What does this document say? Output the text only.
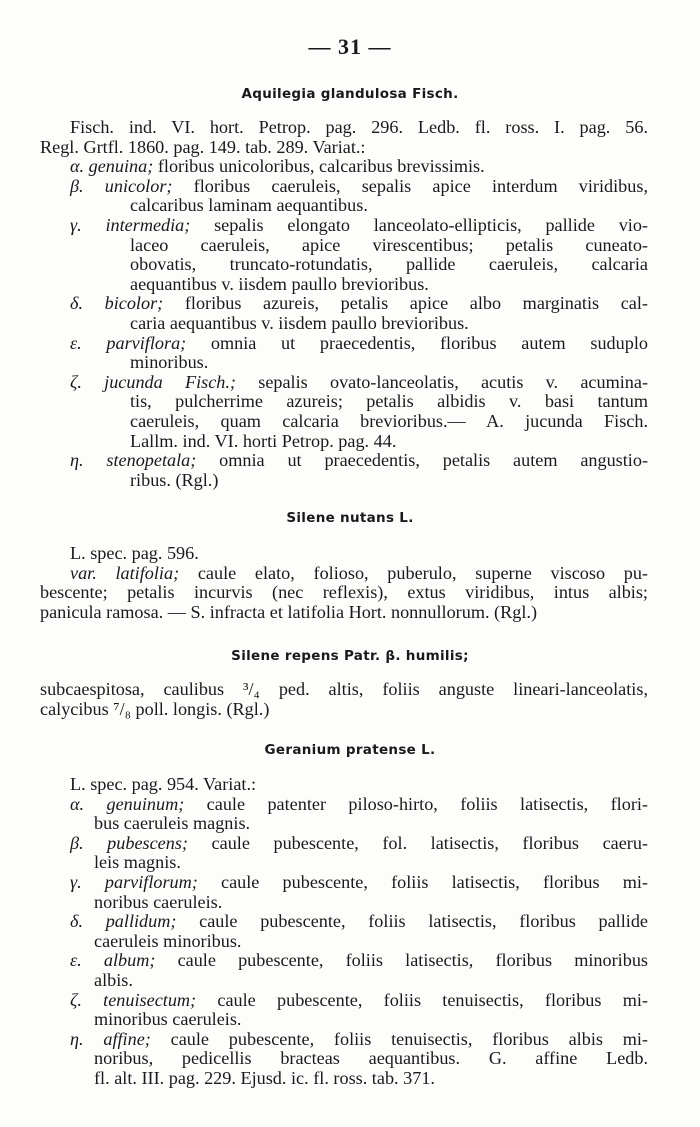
— 31 —
Aquilegia glandulosa Fisch.
Fisch. ind. VI. hort. Petrop. pag. 296. Ledb. fl. ross. I. pag. 56.
Regl. Grtfl. 1860. pag. 149. tab. 289. Variat.:
α. genuina; floribus unicoloribus, calcaribus brevissimis.
β. unicolor; floribus caeruleis, sepalis apice interdum viridibus,
calcaribus laminam aequantibus.
γ. intermedia; sepalis elongato lanceolato-ellipticis, pallide vio-
laceo caeruleis, apice virescentibus; petalis cuneato-
obovatis, truncato-rotundatis, pallide caeruleis, calcaria
aequantibus v. iisdem paullo brevioribus.
δ. bicolor; floribus azureis, petalis apice albo marginatis cal-
caria aequantibus v. iisdem paullo brevioribus.
ε. parviflora; omnia ut praecedentis, floribus autem suduplo
minoribus.
ζ. jucunda Fisch.; sepalis ovato-lanceolatis, acutis v. acumina-
tis, pulcherrime azureis; petalis albidis v. basi tantum
caeruleis, quam calcaria brevioribus.— A. jucunda Fisch.
Lallm. ind. VI. horti Petrop. pag. 44.
η. stenopetala; omnia ut praecedentis, petalis autem angustio-
ribus. (Rgl.)
Silene nutans L.
L. spec. pag. 596.
var. latifolia; caule elato, folioso, puberulo, superne viscoso pu-
bescente; petalis incurvis (nec reflexis), extus viridibus, intus albis;
panicula ramosa. — S. infracta et latifolia Hort. nonnullorum. (Rgl.)
Silene repens Patr. β. humilis;
subcaespitosa, caulibus ³/₄ ped. altis, foliis anguste lineari-lanceolatis,
calycibus ⁷/₈ poll. longis. (Rgl.)
Geranium pratense L.
L. spec. pag. 954. Variat.:
α. genuinum; caule patenter piloso-hirto, foliis latisectis, flori-
bus caeruleis magnis.
β. pubescens; caule pubescente, fol. latisectis, floribus caeru-
leis magnis.
γ. parviflorum; caule pubescente, foliis latisectis, floribus mi-
noribus caeruleis.
δ. pallidum; caule pubescente, foliis latisectis, floribus pallide
caeruleis minoribus.
ε. album; caule pubescente, foliis latisectis, floribus minoribus
albis.
ζ. tenuisectum; caule pubescente, foliis tenuisectis, floribus mi-
minoribus caeruleis.
η. affine; caule pubescente, foliis tenuisectis, floribus albis mi-
noribus, pedicellis bracteas aequantibus. G. affine Ledb.
fl. alt. III. pag. 229. Ejusd. ic. fl. ross. tab. 371.
